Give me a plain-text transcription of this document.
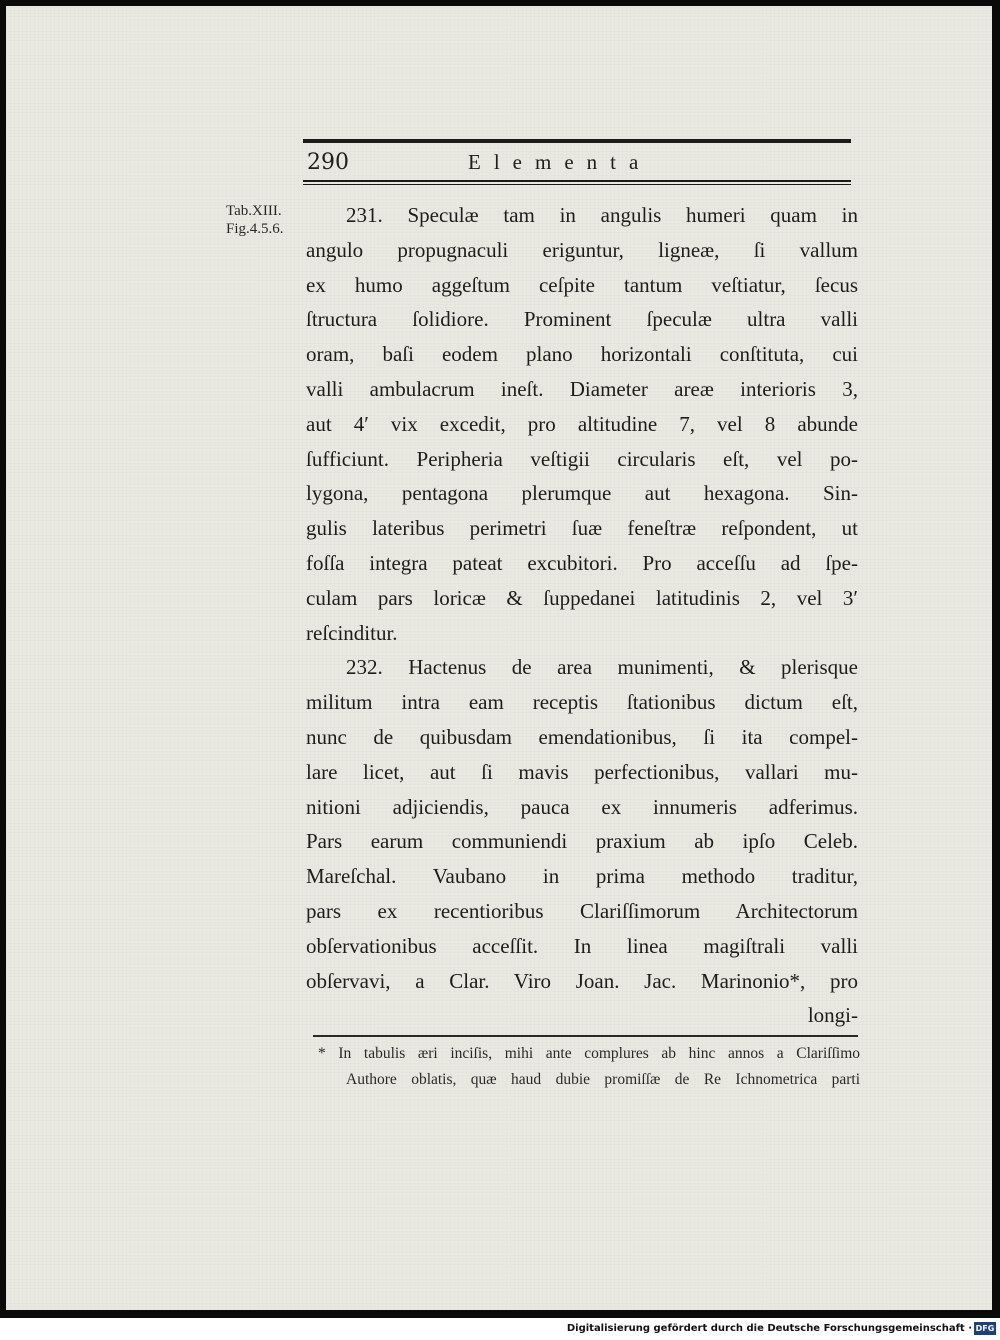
290	Elementa
Tab.XIII.
Fig.4.5.6.
231. Speculæ tam in angulis humeri quam in
angulo propugnaculi eriguntur, ligneæ, ſi vallum
ex humo aggeſtum ceſpite tantum veſtiatur, ſecus
ſtructura ſolidiore. Prominent ſpeculæ ultra valli
oram, baſi eodem plano horizontali conſtituta, cui
valli ambulacrum ineſt. Diameter areæ interioris 3,
aut 4′ vix excedit, pro altitudine 7, vel 8 abunde
ſufficiunt. Peripheria veſtigii circularis eſt, vel po-
lygona, pentagona plerumque aut hexagona. Sin-
gulis lateribus perimetri ſuæ feneſtræ reſpondent, ut
foſſa integra pateat excubitori. Pro acceſſu ad ſpe-
culam pars loricæ & ſuppedanei latitudinis 2, vel 3′
reſcinditur.
232. Hactenus de area munimenti, & plerisque
militum intra eam receptis ſtationibus dictum eſt,
nunc de quibusdam emendationibus, ſi ita compel-
lare licet, aut ſi mavis perfectionibus, vallari mu-
nitioni adjiciendis, pauca ex innumeris adferimus.
Pars earum communiendi praxium ab ipſo Celeb.
Mareſchal. Vaubano in prima methodo traditur,
pars ex recentioribus Clariſſimorum Architectorum
obſervationibus acceſſit. In linea magiſtrali valli
obſervavi, a Clar. Viro Joan. Jac. Marinonio*, pro
longi-
* In tabulis æri inciſis, mihi ante complures ab hinc annos a Clariſſimo
Authore oblatis, quæ haud dubie promiſſæ de Re Ichnometrica parti
Digitalisierung gefördert durch die Deutsche Forschungsgemeinschaft · DFG
